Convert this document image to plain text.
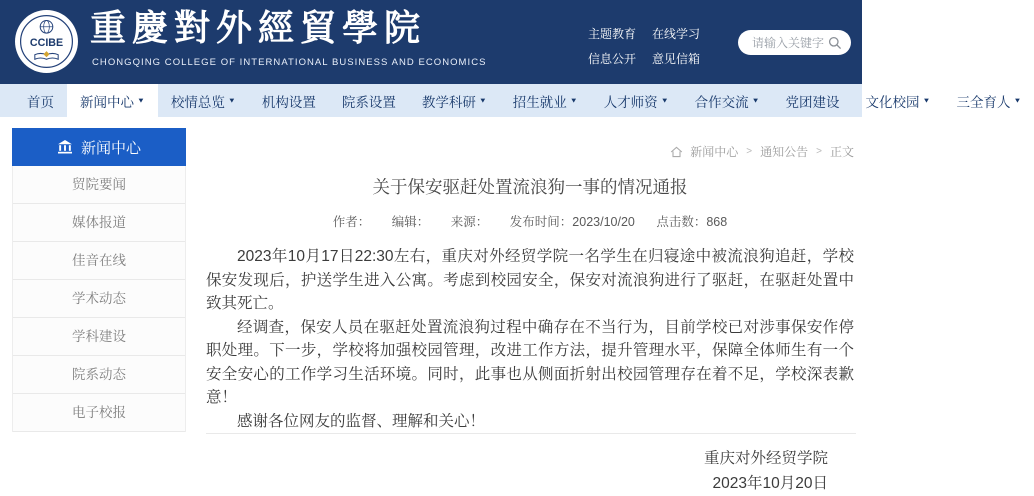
CCIBE 重慶對外經貿學院
CHONGQING COLLEGE OF INTERNATIONAL BUSINESS AND ECONOMICS
主题教育 在线学习
信息公开 意见信箱
请输入关键字
首页 新闻中心 ▼ 校情总览 ▼ 机构设置 院系设置 教学科研 ▼ 招生就业 ▼ 人才师资 ▼ 合作交流 ▼ 党团建设 文化校园 ▼ 三全育人 ▼
新闻中心
贸院要闻
媒体报道
佳音在线
学术动态
学科建设
院系动态
电子校报
新闻中心 > 通知公告 > 正文
关于保安驱赶处置流浪狗一事的情况通报
作者： 编辑： 来源： 发布时间：2023/10/20 点击数：868

2023年10月17日22:30左右，重庆对外经贸学院一名学生在归寝途中被流浪狗追赶，学校保安发现后，护送学生进入公寓。考虑到校园安全，保安对流浪狗进行了驱赶，在驱赶处置中致其死亡。

经调查，保安人员在驱赶处置流浪狗过程中确存在不当行为，目前学校已对涉事保安作停职处理。下一步，学校将加强校园管理，改进工作方法，提升管理水平，保障全体师生有一个安全安心的工作学习生活环境。同时，此事也从侧面折射出校园管理存在着不足，学校深表歉意！

感谢各位网友的监督、理解和关心！

重庆对外经贸学院
2023年10月20日
